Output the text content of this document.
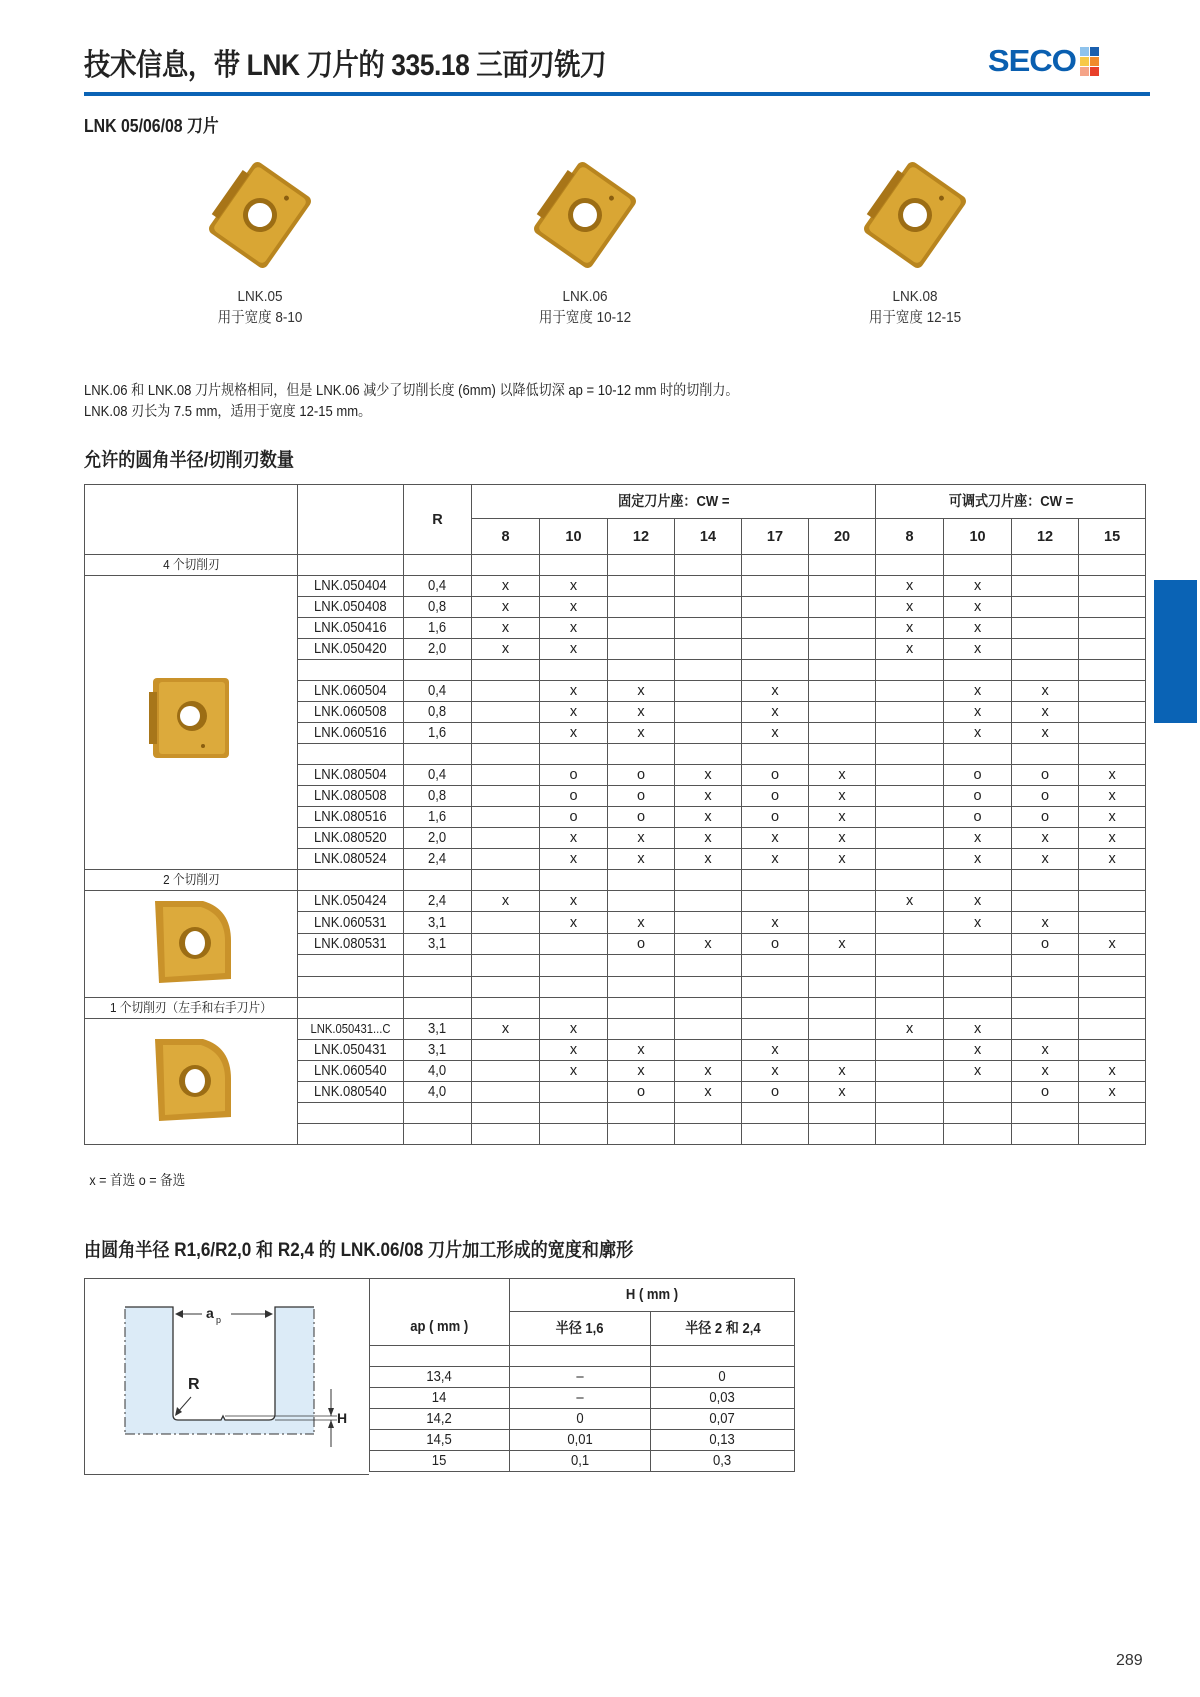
技术信息，带 LNK 刀片的 335.18 三面刃铣刀	SECO
LNK 05/06/08 刀片
LNK.05
用于宽度 8-10
LNK.06
用于宽度 10-12
LNK.08
用于宽度 12-15
LNK.06 和 LNK.08 刀片规格相同，但是 LNK.06 减少了切削长度 (6mm) 以降低切深 ap = 10-12 mm 时的切削力。
LNK.08 刃长为 7.5 mm，适用于宽度 12-15 mm。
允许的圆角半径/切削刃数量
		R	固定刀片座：CW =						可调式刀片座：CW =			
			8	10	12	14	17	20	8	10	12	15
4 个切削刃												
	LNK.050404	0,4	x	x					x	x		
	LNK.050408	0,8	x	x					x	x		
	LNK.050416	1,6	x	x					x	x		
	LNK.050420	2,0	x	x					x	x		

	LNK.060504	0,4		x	x		x			x	x	
	LNK.060508	0,8		x	x		x			x	x	
	LNK.060516	1,6		x	x		x			x	x	

	LNK.080504	0,4		o	o	x	o	x		o	o	x
	LNK.080508	0,8		o	o	x	o	x		o	o	x
	LNK.080516	1,6		o	o	x	o	x		o	o	x
	LNK.080520	2,0		x	x	x	x	x		x	x	x
	LNK.080524	2,4		x	x	x	x	x		x	x	x
2 个切削刃												
	LNK.050424	2,4	x	x					x	x		
	LNK.060531	3,1		x	x		x			x	x	
	LNK.080531	3,1			o	x	o	x			o	x

1 个切削刃（左手和右手刀片）												
	LNK.050431...C	3,1	x	x					x	x		
	LNK.050431	3,1		x	x		x			x	x	
	LNK.060540	4,0		x	x	x	x	x		x	x	x
	LNK.080540	4,0			o	x	o	x			o	x

x = 首选 o = 备选
由圆角半径 R1,6/R2,0 和 R2,4 的 LNK.06/08 刀片加工形成的宽度和廓形
a p
R
H
ap ( mm )	H ( mm )	
	半径 1,6	半径 2 和 2,4

13,4	–	0
14	–	0,03
14,2	0	0,07
14,5	0,01	0,13
15	0,1	0,3
289
